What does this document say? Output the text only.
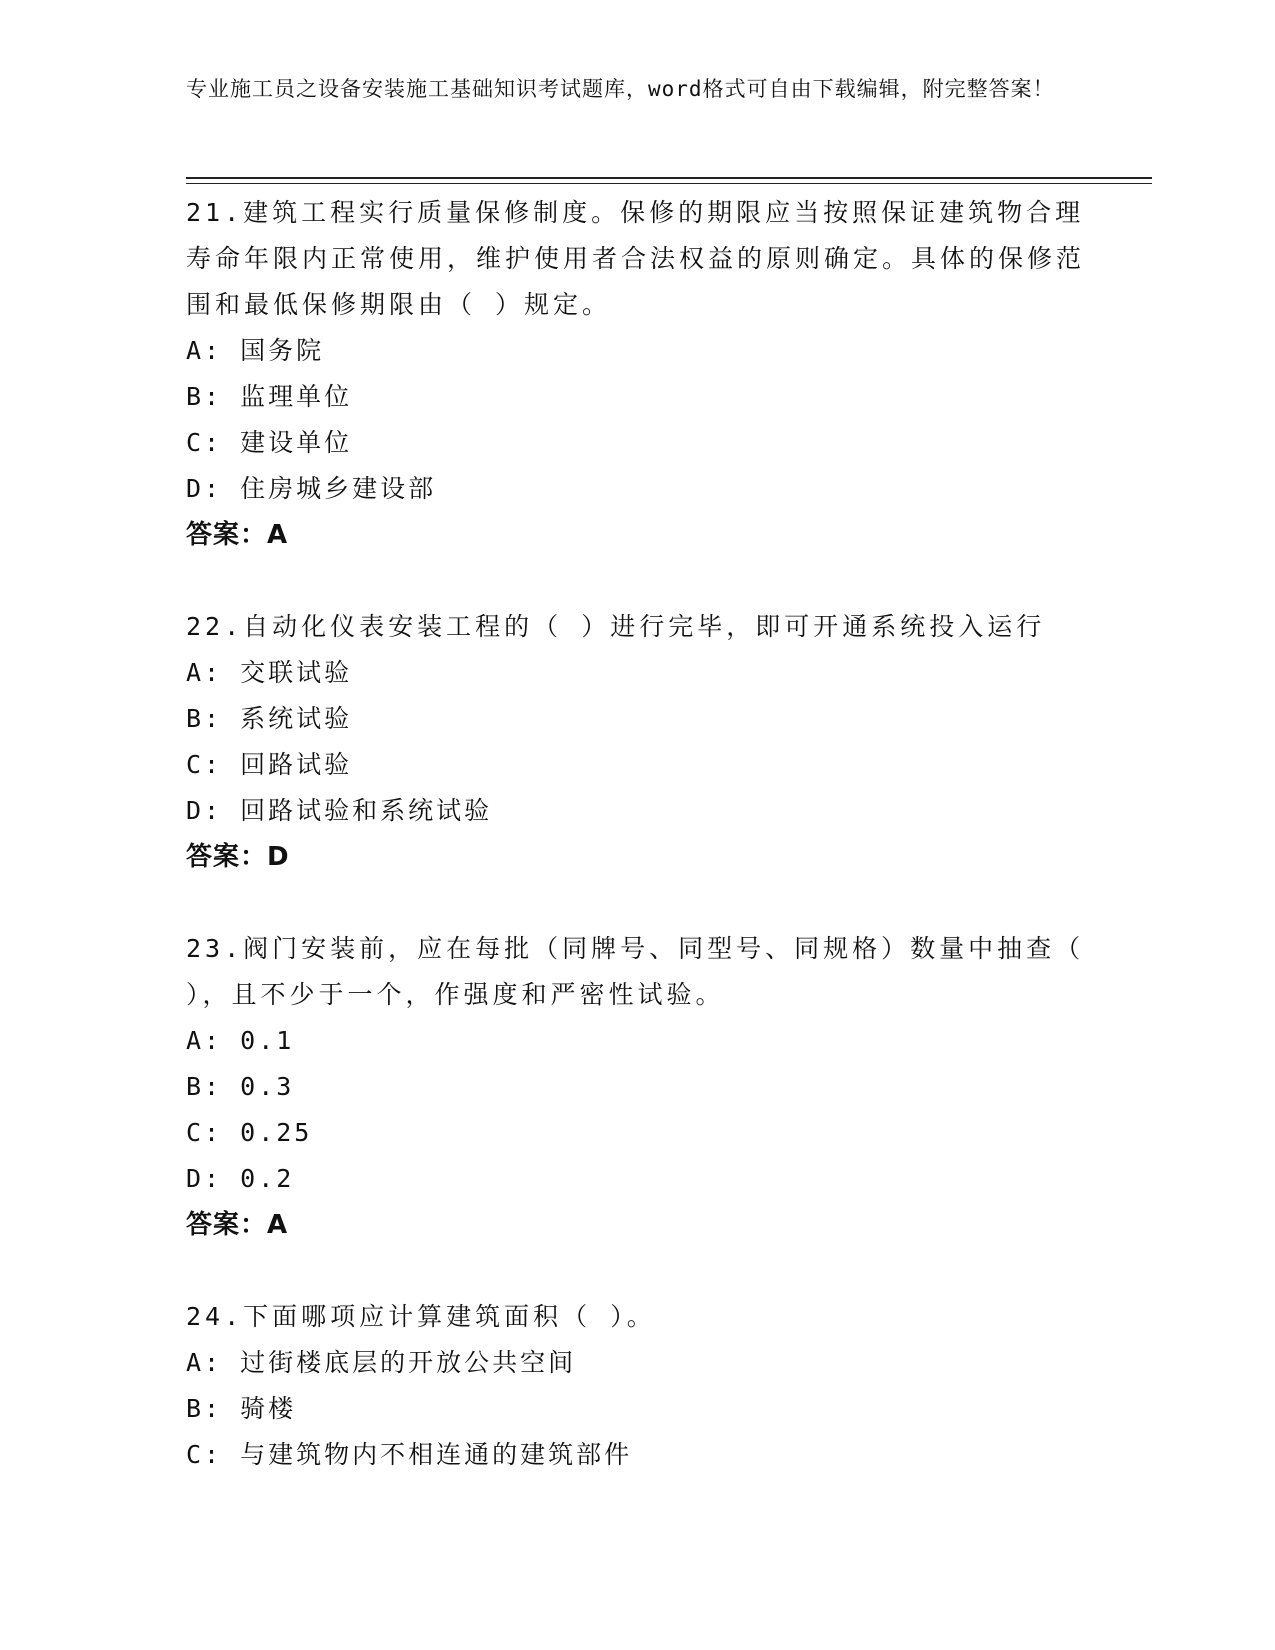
专业施工员之设备安装施工基础知识考试题库，word格式可自由下载编辑，附完整答案！
21.建筑工程实行质量保修制度。保修的期限应当按照保证建筑物合理寿命年限内正常使用，维护使用者合法权益的原则确定。具体的保修范围和最低保修期限由（ ）规定。
A: 国务院
B: 监理单位
C: 建设单位
D: 住房城乡建设部
答案：A
22.自动化仪表安装工程的（ ）进行完毕，即可开通系统投入运行
A: 交联试验
B: 系统试验
C: 回路试验
D: 回路试验和系统试验
答案：D
23.阀门安装前，应在每批（同牌号、同型号、同规格）数量中抽查（ ），且不少于一个，作强度和严密性试验。
A: 0.1
B: 0.3
C: 0.25
D: 0.2
答案：A
24.下面哪项应计算建筑面积（ ）。
A: 过街楼底层的开放公共空间
B: 骑楼
C: 与建筑物内不相连通的建筑部件
